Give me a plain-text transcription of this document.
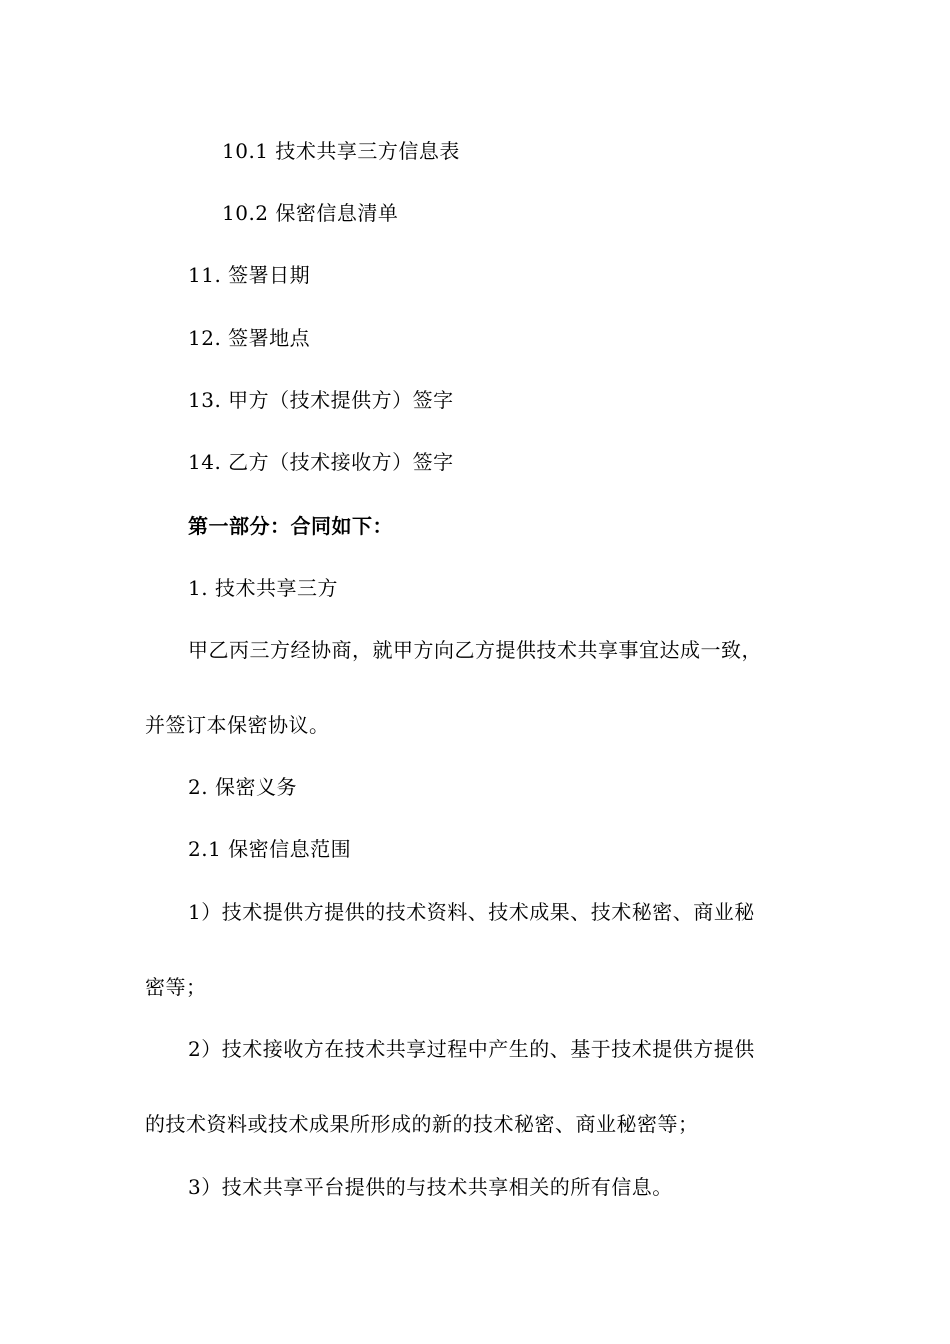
10.1 技术共享三方信息表
10.2 保密信息清单
11. 签署日期
12. 签署地点
13. 甲方（技术提供方）签字
14. 乙方（技术接收方）签字
第一部分：合同如下：
1. 技术共享三方
甲乙丙三方经协商，就甲方向乙方提供技术共享事宜达成一致，
并签订本保密协议。
2. 保密义务
2.1 保密信息范围
1）技术提供方提供的技术资料、技术成果、技术秘密、商业秘
密等；
2）技术接收方在技术共享过程中产生的、基于技术提供方提供
的技术资料或技术成果所形成的新的技术秘密、商业秘密等；
3）技术共享平台提供的与技术共享相关的所有信息。
